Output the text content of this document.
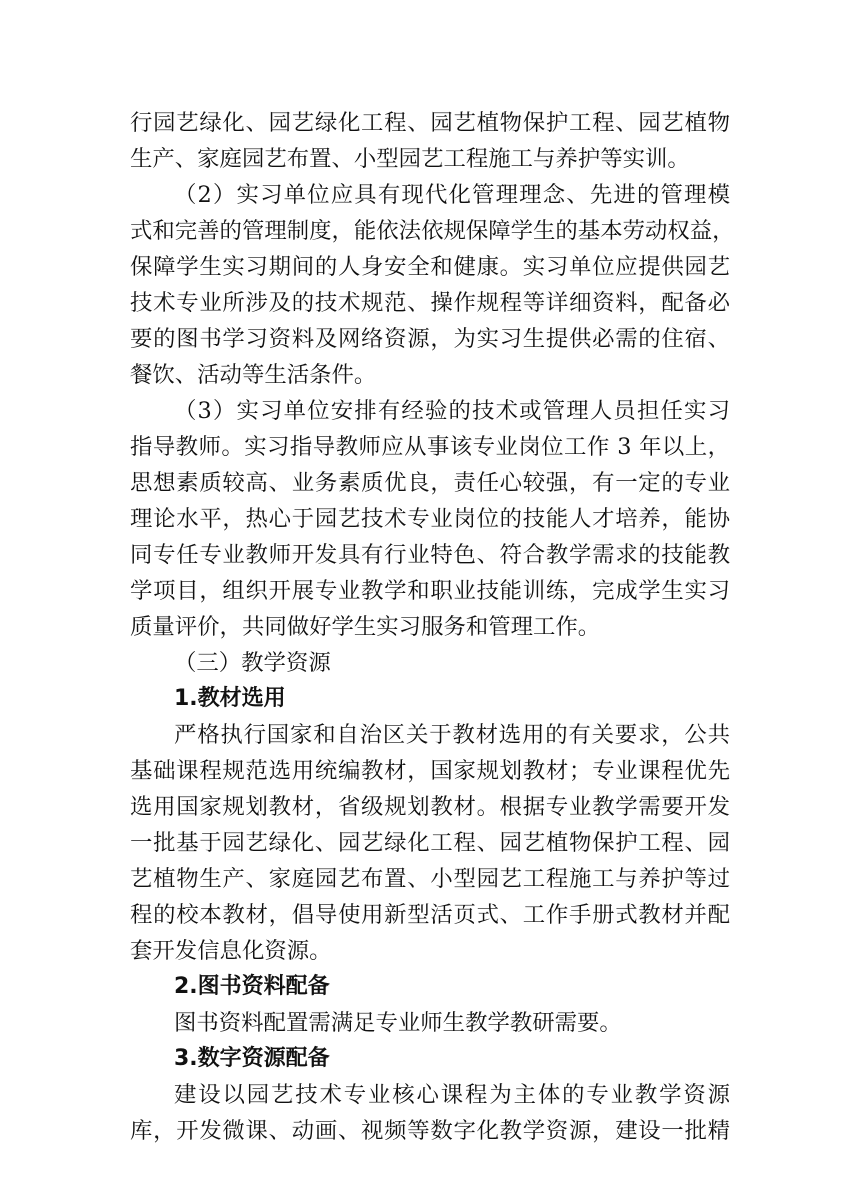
行园艺绿化、园艺绿化工程、园艺植物保护工程、园艺植物
生产、家庭园艺布置、小型园艺工程施工与养护等实训。
（2）实习单位应具有现代化管理理念、先进的管理模
式和完善的管理制度，能依法依规保障学生的基本劳动权益，
保障学生实习期间的人身安全和健康。实习单位应提供园艺
技术专业所涉及的技术规范、操作规程等详细资料，配备必
要的图书学习资料及网络资源，为实习生提供必需的住宿、
餐饮、活动等生活条件。
（3）实习单位安排有经验的技术或管理人员担任实习
指导教师。实习指导教师应从事该专业岗位工作 3 年以上，
思想素质较高、业务素质优良，责任心较强，有一定的专业
理论水平，热心于园艺技术专业岗位的技能人才培养，能协
同专任专业教师开发具有行业特色、符合教学需求的技能教
学项目，组织开展专业教学和职业技能训练，完成学生实习
质量评价，共同做好学生实习服务和管理工作。
（三）教学资源
1.教材选用
严格执行国家和自治区关于教材选用的有关要求，公共
基础课程规范选用统编教材，国家规划教材；专业课程优先
选用国家规划教材，省级规划教材。根据专业教学需要开发
一批基于园艺绿化、园艺绿化工程、园艺植物保护工程、园
艺植物生产、家庭园艺布置、小型园艺工程施工与养护等过
程的校本教材，倡导使用新型活页式、工作手册式教材并配
套开发信息化资源。
2.图书资料配备
图书资料配置需满足专业师生教学教研需要。
3.数字资源配备
建设以园艺技术专业核心课程为主体的专业教学资源
库，开发微课、动画、视频等数字化教学资源，建设一批精
